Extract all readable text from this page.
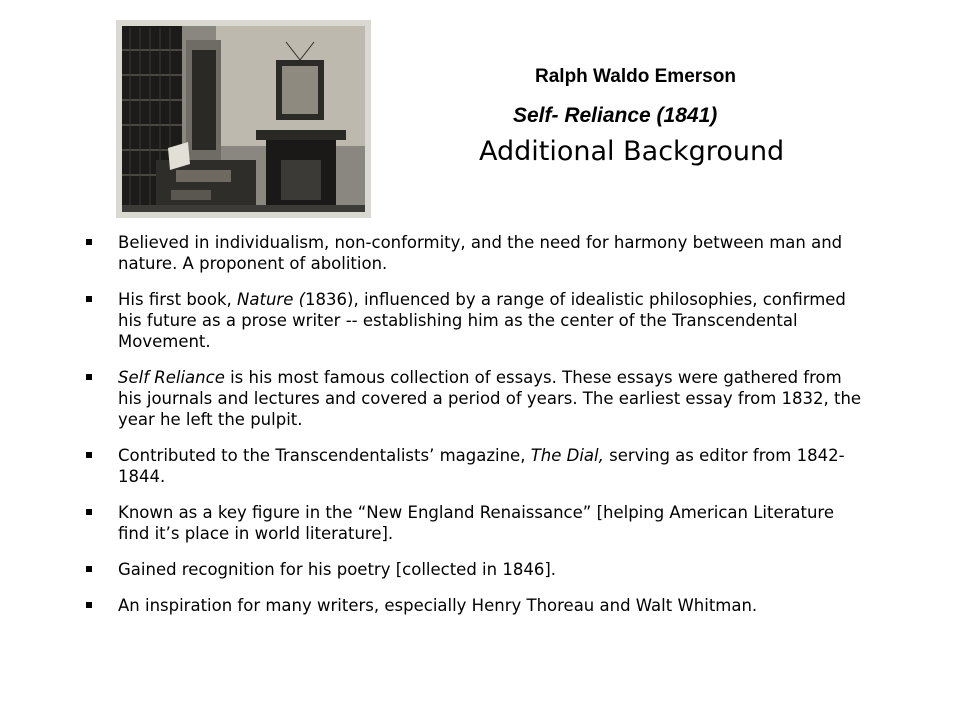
Ralph Waldo Emerson
Self- Reliance (1841)
Additional Background
Believed in individualism, non-conformity, and the need for harmony between man and nature. A proponent of abolition.
His first book, Nature (1836), influenced by a range of idealistic philosophies, confirmed his future as a prose writer -- establishing him as the center of the Transcendental Movement.
Self Reliance is his most famous collection of essays. These essays were gathered from his journals and lectures and covered a period of years. The earliest essay from 1832, the year he left the pulpit.
Contributed to the Transcendentalists’ magazine, The Dial, serving as editor from 1842-1844.
Known as a key figure in the “New England Renaissance” [helping American Literature find it’s place in world literature].
Gained recognition for his poetry [collected in 1846].
An inspiration for many writers, especially Henry Thoreau and Walt Whitman.
